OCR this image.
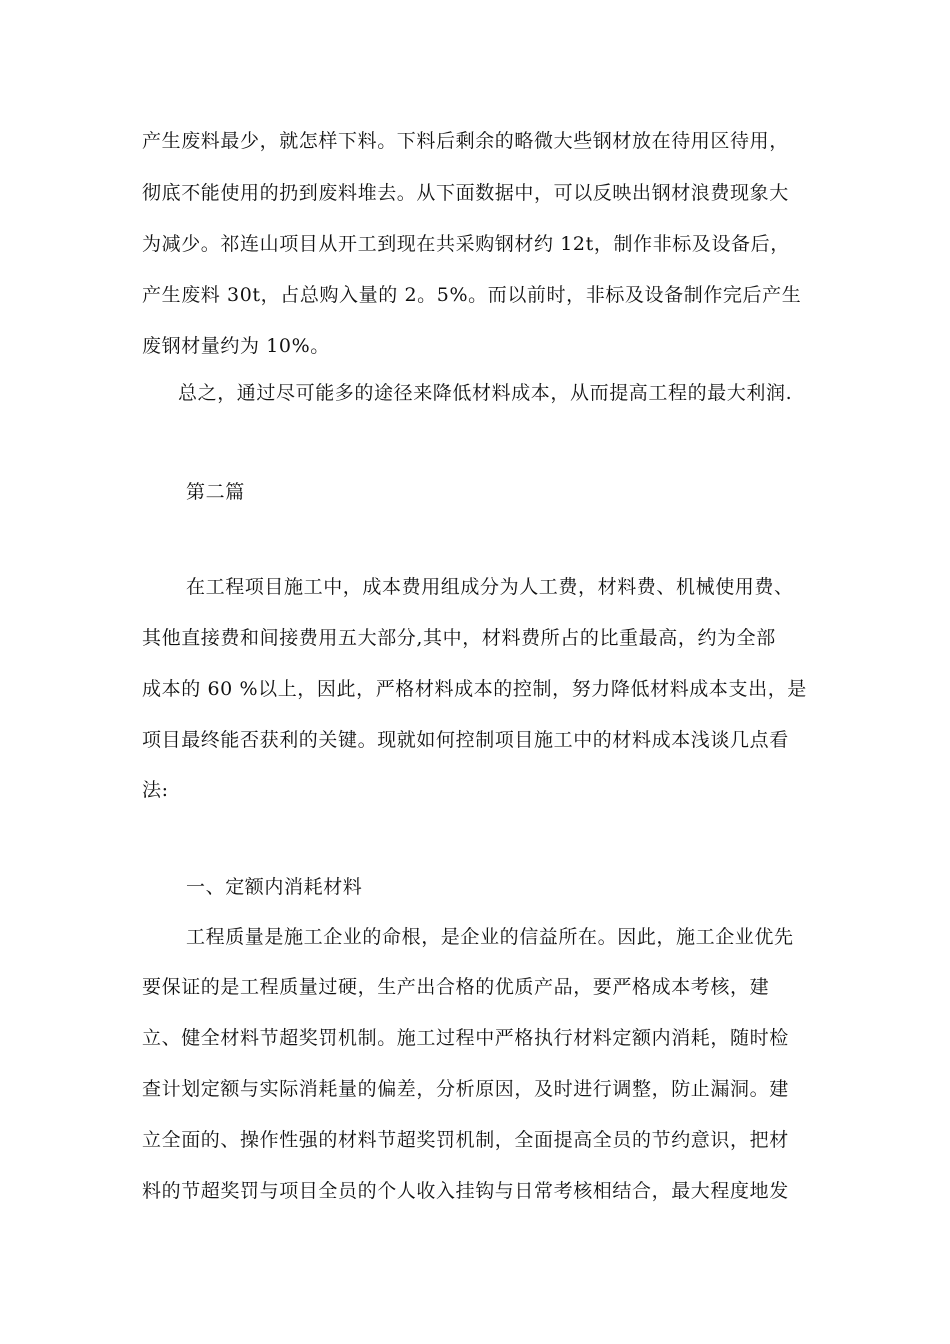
产生废料最少，就怎样下料。下料后剩余的略微大些钢材放在待用区待用，
彻底不能使用的扔到废料堆去。从下面数据中，可以反映出钢材浪费现象大
为减少。祁连山项目从开工到现在共采购钢材约 12t，制作非标及设备后，
产生废料 30t，占总购入量的 2。5%。而以前时，非标及设备制作完后产生
废钢材量约为 10%。
总之，通过尽可能多的途径来降低材料成本，从而提高工程的最大利润.
第二篇
在工程项目施工中，成本费用组成分为人工费，材料费、机械使用费、
其他直接费和间接费用五大部分,其中，材料费所占的比重最高，约为全部
成本的 60 %以上，因此，严格材料成本的控制，努力降低材料成本支出，是
项目最终能否获利的关键。现就如何控制项目施工中的材料成本浅谈几点看
法:
一、定额内消耗材料
工程质量是施工企业的命根，是企业的信益所在。因此，施工企业优先
要保证的是工程质量过硬，生产出合格的优质产品，要严格成本考核，建
立、健全材料节超奖罚机制。施工过程中严格执行材料定额内消耗，随时检
查计划定额与实际消耗量的偏差，分析原因，及时进行调整，防止漏洞。建
立全面的、操作性强的材料节超奖罚机制，全面提高全员的节约意识，把材
料的节超奖罚与项目全员的个人收入挂钩与日常考核相结合，最大程度地发
